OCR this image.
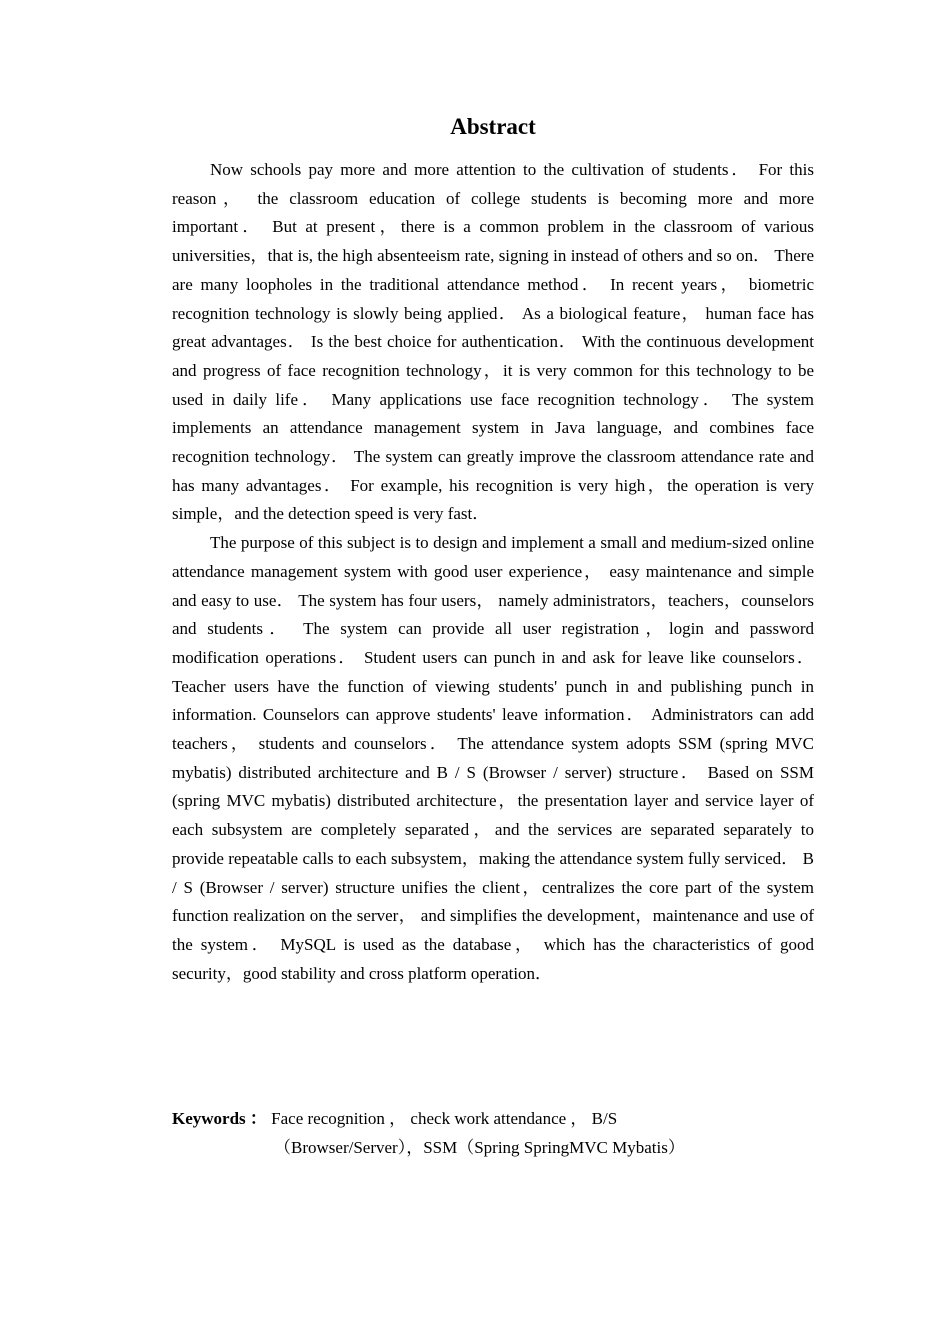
Abstract

Now schools pay more and more attention to the cultivation of students． For this reason， the classroom education of college students is becoming more and more important． But at present，there is a common problem in the classroom of various universities，that is, the high absenteeism rate, signing in instead of others and so on． There are many loopholes in the traditional attendance method． In recent years， biometric recognition technology is slowly being applied． As a biological feature， human face has great advantages． Is the best choice for authentication． With the continuous development and progress of face recognition technology，it is very common for this technology to be used in daily life． Many applications use face recognition technology． The system implements an attendance management system in Java language, and combines face recognition technology． The system can greatly improve the classroom attendance rate and has many advantages． For example, his recognition is very high，the operation is very simple，and the detection speed is very fast．

The purpose of this subject is to design and implement a small and medium-sized online attendance management system with good user experience， easy maintenance and simple and easy to use． The system has four users， namely administrators，teachers，counselors and students． The system can provide all user registration，login and password modification operations． Student users can punch in and ask for leave like counselors． Teacher users have the function of viewing students' punch in and publishing punch in information. Counselors can approve students' leave information． Administrators can add teachers， students and counselors． The attendance system adopts SSM (spring MVC mybatis) distributed architecture and B / S (Browser / server) structure． Based on SSM (spring MVC mybatis) distributed architecture，the presentation layer and service layer of each subsystem are completely separated，and the services are separated separately to provide repeatable calls to each subsystem，making the attendance system fully serviced． B / S (Browser / server) structure unifies the client，centralizes the core part of the system function realization on the server， and simplifies the development，maintenance and use of the system． MySQL is used as the database， which has the characteristics of good security，good stability and cross platform operation．

Keywords ： Face recognition ， check work attendance ， B/S
（Browser/Server），SSM（Spring SpringMVC Mybatis）
